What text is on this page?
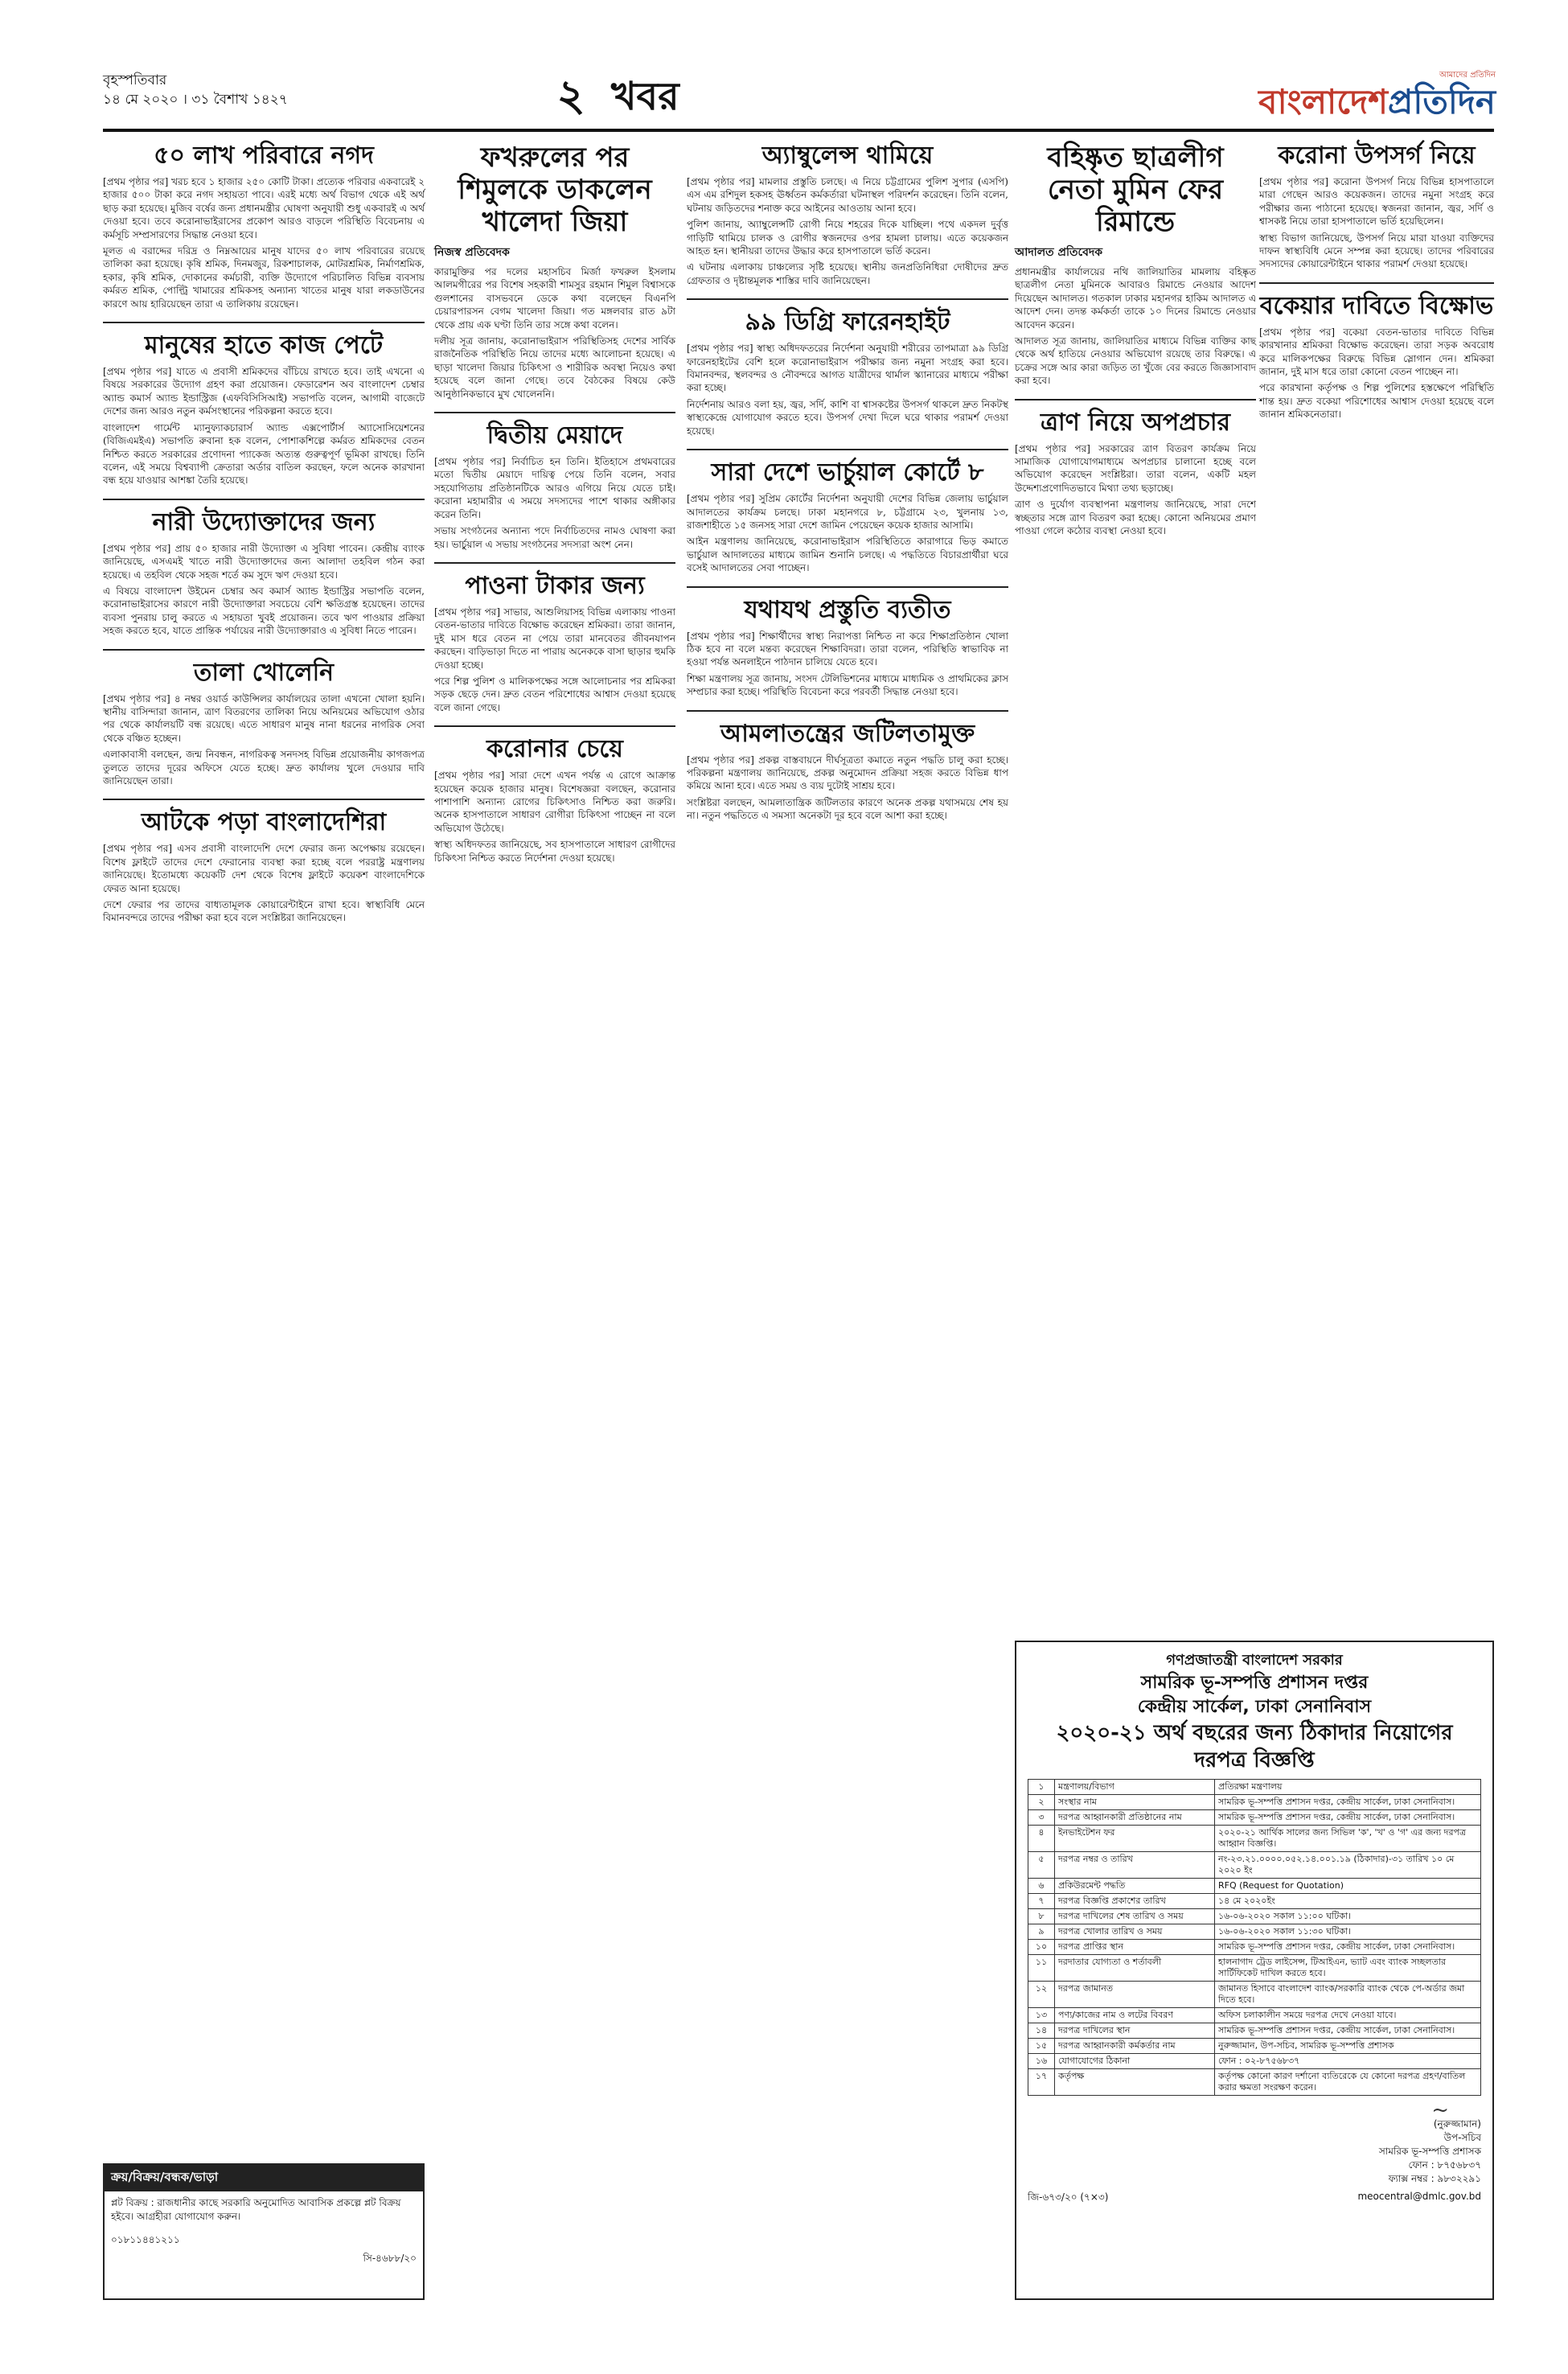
বৃহস্পতিবার
১৪ মে ২০২০ । ৩১ বৈশাখ ১৪২৭	২ খবর	আমাদের প্রতিদিন
বাংলাদেশপ্রতিদিন
৫০ লাখ পরিবারে নগদ

[প্রথম পৃষ্ঠার পর] খরচ হবে ১ হাজার ২৫০ কোটি টাকা। প্রত্যেক পরিবার একবারেই ২ হাজার ৫০০ টাকা করে নগদ সহায়তা পাবে। এরই মধ্যে অর্থ বিভাগ থেকে এই অর্থ ছাড় করা হয়েছে। মুজিব বর্ষের জন্য প্রধানমন্ত্রীর ঘোষণা অনুযায়ী শুধু একবারই এ অর্থ দেওয়া হবে। তবে করোনাভাইরাসের প্রকোপ আরও বাড়লে পরিস্থিতি বিবেচনায় এ কর্মসূচি সম্প্রসারণের সিদ্ধান্ত নেওয়া হবে।

মূলত এ বরাদ্দের দরিদ্র ও নিম্নআয়ের মানুষ যাদের ৫০ লাখ পরিবারের রয়েছে তালিকা করা হয়েছে। কৃষি শ্রমিক, দিনমজুর, রিকশাচালক, মোটরশ্রমিক, নির্মাণশ্রমিক, হকার, কৃষি শ্রমিক, দোকানের কর্মচারী, ব্যক্তি উদ্যোগে পরিচালিত বিভিন্ন ব্যবসায় কর্মরত শ্রমিক, পোল্ট্রি খামারের শ্রমিকসহ অন্যান্য খাতের মানুষ যারা লকডাউনের কারণে আয় হারিয়েছেন তারা এ তালিকায় রয়েছেন।

মানুষের হাতে কাজ পেটে

[প্রথম পৃষ্ঠার পর] যাতে এ প্রবাসী শ্রমিকদের বাঁচিয়ে রাখতে হবে। তাই এখনো এ বিষয়ে সরকারের উদ্যোগ গ্রহণ করা প্রয়োজন। ফেডারেশন অব বাংলাদেশ চেম্বার অ্যান্ড কমার্স অ্যান্ড ইন্ডাস্ট্রিজ (এফবিসিসিআই) সভাপতি বলেন, আগামী বাজেটে দেশের জন্য আরও নতুন কর্মসংস্থানের পরিকল্পনা করতে হবে।

বাংলাদেশ গার্মেন্ট ম্যানুফ্যাকচারার্স অ্যান্ড এক্সপোর্টার্স অ্যাসোসিয়েশনের (বিজিএমইএ) সভাপতি রুবানা হক বলেন, পোশাকশিল্পে কর্মরত শ্রমিকদের বেতন নিশ্চিত করতে সরকারের প্রণোদনা প্যাকেজ অত্যন্ত গুরুত্বপূর্ণ ভূমিকা রাখছে। তিনি বলেন, এই সময়ে বিশ্বব্যাপী ক্রেতারা অর্ডার বাতিল করছেন, ফলে অনেক কারখানা বন্ধ হয়ে যাওয়ার আশঙ্কা তৈরি হয়েছে।

নারী উদ্যোক্তাদের জন্য

[প্রথম পৃষ্ঠার পর] প্রায় ৫০ হাজার নারী উদ্যোক্তা এ সুবিধা পাবেন। কেন্দ্রীয় ব্যাংক জানিয়েছে, এসএমই খাতে নারী উদ্যোক্তাদের জন্য আলাদা তহবিল গঠন করা হয়েছে। এ তহবিল থেকে সহজ শর্তে কম সুদে ঋণ দেওয়া হবে।

এ বিষয়ে বাংলাদেশ উইমেন চেম্বার অব কমার্স অ্যান্ড ইন্ডাস্ট্রির সভাপতি বলেন, করোনাভাইরাসের কারণে নারী উদ্যোক্তারা সবচেয়ে বেশি ক্ষতিগ্রস্ত হয়েছেন। তাদের ব্যবসা পুনরায় চালু করতে এ সহায়তা খুবই প্রয়োজন। তবে ঋণ পাওয়ার প্রক্রিয়া সহজ করতে হবে, যাতে প্রান্তিক পর্যায়ের নারী উদ্যোক্তারাও এ সুবিধা নিতে পারেন।

তালা খোলেনি

[প্রথম পৃষ্ঠার পর] ৪ নম্বর ওয়ার্ড কাউন্সিলর কার্যালয়ের তালা এখনো খোলা হয়নি। স্থানীয় বাসিন্দারা জানান, ত্রাণ বিতরণের তালিকা নিয়ে অনিয়মের অভিযোগ ওঠার পর থেকে কার্যালয়টি বন্ধ রয়েছে। এতে সাধারণ মানুষ নানা ধরনের নাগরিক সেবা থেকে বঞ্চিত হচ্ছেন।

এলাকাবাসী বলছেন, জন্ম নিবন্ধন, নাগরিকত্ব সনদসহ বিভিন্ন প্রয়োজনীয় কাগজপত্র তুলতে তাদের দূরের অফিসে যেতে হচ্ছে। দ্রুত কার্যালয় খুলে দেওয়ার দাবি জানিয়েছেন তারা।

আটকে পড়া বাংলাদেশিরা

[প্রথম পৃষ্ঠার পর] এসব প্রবাসী বাংলাদেশি দেশে ফেরার জন্য অপেক্ষায় রয়েছেন। বিশেষ ফ্লাইটে তাদের দেশে ফেরানোর ব্যবস্থা করা হচ্ছে বলে পররাষ্ট্র মন্ত্রণালয় জানিয়েছে। ইতোমধ্যে কয়েকটি দেশ থেকে বিশেষ ফ্লাইটে কয়েকশ বাংলাদেশিকে ফেরত আনা হয়েছে।

দেশে ফেরার পর তাদের বাধ্যতামূলক কোয়ারেন্টাইনে রাখা হবে। স্বাস্থ্যবিধি মেনে বিমানবন্দরে তাদের পরীক্ষা করা হবে বলে সংশ্লিষ্টরা জানিয়েছেন।

ক্রয়/বিক্রয়/বন্ধক/ভাড়া
প্লট বিক্রয় : রাজধানীর কাছে সরকারি অনুমোদিত আবাসিক প্রকল্পে প্লট বিক্রয় হইবে। আগ্রহীরা যোগাযোগ করুন।
০১৮১১৪৪১২১১
সি-৪৬৮৮/২০
ফখরুলের পর শিমুলকে ডাকলেন খালেদা জিয়া
নিজস্ব প্রতিবেদক

কারামুক্তির পর দলের মহাসচিব মির্জা ফখরুল ইসলাম আলমগীরের পর বিশেষ সহকারী শামসুর রহমান শিমুল বিশ্বাসকে গুলশানের বাসভবনে ডেকে কথা বলেছেন বিএনপি চেয়ারপারসন বেগম খালেদা জিয়া। গত মঙ্গলবার রাত ৯টা থেকে প্রায় এক ঘণ্টা তিনি তার সঙ্গে কথা বলেন।

দলীয় সূত্র জানায়, করোনাভাইরাস পরিস্থিতিসহ দেশের সার্বিক রাজনৈতিক পরিস্থিতি নিয়ে তাদের মধ্যে আলোচনা হয়েছে। এ ছাড়া খালেদা জিয়ার চিকিৎসা ও শারীরিক অবস্থা নিয়েও কথা হয়েছে বলে জানা গেছে। তবে বৈঠকের বিষয়ে কেউ আনুষ্ঠানিকভাবে মুখ খোলেননি।

দ্বিতীয় মেয়াদে

[প্রথম পৃষ্ঠার পর] নির্বাচিত হন তিনি। ইতিহাসে প্রথমবারের মতো দ্বিতীয় মেয়াদে দায়িত্ব পেয়ে তিনি বলেন, সবার সহযোগিতায় প্রতিষ্ঠানটিকে আরও এগিয়ে নিয়ে যেতে চাই। করোনা মহামারীর এ সময়ে সদস্যদের পাশে থাকার অঙ্গীকার করেন তিনি।

সভায় সংগঠনের অন্যান্য পদে নির্বাচিতদের নামও ঘোষণা করা হয়। ভার্চুয়াল এ সভায় সংগঠনের সদস্যরা অংশ নেন।

পাওনা টাকার জন্য

[প্রথম পৃষ্ঠার পর] সাভার, আশুলিয়াসহ বিভিন্ন এলাকায় পাওনা বেতন-ভাতার দাবিতে বিক্ষোভ করেছেন শ্রমিকরা। তারা জানান, দুই মাস ধরে বেতন না পেয়ে তারা মানবেতর জীবনযাপন করছেন। বাড়িভাড়া দিতে না পারায় অনেককে বাসা ছাড়ার হুমকি দেওয়া হচ্ছে।

পরে শিল্প পুলিশ ও মালিকপক্ষের সঙ্গে আলোচনার পর শ্রমিকরা সড়ক ছেড়ে দেন। দ্রুত বেতন পরিশোধের আশ্বাস দেওয়া হয়েছে বলে জানা গেছে।

করোনার চেয়ে

[প্রথম পৃষ্ঠার পর] সারা দেশে এখন পর্যন্ত এ রোগে আক্রান্ত হয়েছেন কয়েক হাজার মানুষ। বিশেষজ্ঞরা বলছেন, করোনার পাশাপাশি অন্যান্য রোগের চিকিৎসাও নিশ্চিত করা জরুরি। অনেক হাসপাতালে সাধারণ রোগীরা চিকিৎসা পাচ্ছেন না বলে অভিযোগ উঠেছে।

স্বাস্থ্য অধিদফতর জানিয়েছে, সব হাসপাতালে সাধারণ রোগীদের চিকিৎসা নিশ্চিত করতে নির্দেশনা দেওয়া হয়েছে।

অ্যাম্বুলেন্স থামিয়ে

[প্রথম পৃষ্ঠার পর] মামলার প্রস্তুতি চলছে। এ নিয়ে চট্টগ্রামের পুলিশ সুপার (এসপি) এস এম রশিদুল হকসহ ঊর্ধ্বতন কর্মকর্তারা ঘটনাস্থল পরিদর্শন করেছেন। তিনি বলেন, ঘটনায় জড়িতদের শনাক্ত করে আইনের আওতায় আনা হবে।

পুলিশ জানায়, অ্যাম্বুলেন্সটি রোগী নিয়ে শহরের দিকে যাচ্ছিল। পথে একদল দুর্বৃত্ত গাড়িটি থামিয়ে চালক ও রোগীর স্বজনদের ওপর হামলা চালায়। এতে কয়েকজন আহত হন। স্থানীয়রা তাদের উদ্ধার করে হাসপাতালে ভর্তি করেন।

এ ঘটনায় এলাকায় চাঞ্চল্যের সৃষ্টি হয়েছে। স্থানীয় জনপ্রতিনিধিরা দোষীদের দ্রুত গ্রেফতার ও দৃষ্টান্তমূলক শাস্তির দাবি জানিয়েছেন।

৯৯ ডিগ্রি ফারেনহাইট

[প্রথম পৃষ্ঠার পর] স্বাস্থ্য অধিদফতরের নির্দেশনা অনুযায়ী শরীরের তাপমাত্রা ৯৯ ডিগ্রি ফারেনহাইটের বেশি হলে করোনাভাইরাস পরীক্ষার জন্য নমুনা সংগ্রহ করা হবে। বিমানবন্দর, স্থলবন্দর ও নৌবন্দরে আগত যাত্রীদের থার্মাল স্ক্যানারের মাধ্যমে পরীক্ষা করা হচ্ছে।

নির্দেশনায় আরও বলা হয়, জ্বর, সর্দি, কাশি বা শ্বাসকষ্টের উপসর্গ থাকলে দ্রুত নিকটস্থ স্বাস্থ্যকেন্দ্রে যোগাযোগ করতে হবে। উপসর্গ দেখা দিলে ঘরে থাকার পরামর্শ দেওয়া হয়েছে।

সারা দেশে ভার্চুয়াল কোর্টে ৮

[প্রথম পৃষ্ঠার পর] সুপ্রিম কোর্টের নির্দেশনা অনুযায়ী দেশের বিভিন্ন জেলায় ভার্চুয়াল আদালতের কার্যক্রম চলছে। ঢাকা মহানগরে ৮, চট্টগ্রামে ২৩, খুলনায় ১৩, রাজশাহীতে ১৫ জনসহ সারা দেশে জামিন পেয়েছেন কয়েক হাজার আসামি।

আইন মন্ত্রণালয় জানিয়েছে, করোনাভাইরাস পরিস্থিতিতে কারাগারে ভিড় কমাতে ভার্চুয়াল আদালতের মাধ্যমে জামিন শুনানি চলছে। এ পদ্ধতিতে বিচারপ্রার্থীরা ঘরে বসেই আদালতের সেবা পাচ্ছেন।

যথাযথ প্রস্তুতি ব্যতীত

[প্রথম পৃষ্ঠার পর] শিক্ষার্থীদের স্বাস্থ্য নিরাপত্তা নিশ্চিত না করে শিক্ষাপ্রতিষ্ঠান খোলা ঠিক হবে না বলে মন্তব্য করেছেন শিক্ষাবিদরা। তারা বলেন, পরিস্থিতি স্বাভাবিক না হওয়া পর্যন্ত অনলাইনে পাঠদান চালিয়ে যেতে হবে।

শিক্ষা মন্ত্রণালয় সূত্র জানায়, সংসদ টেলিভিশনের মাধ্যমে মাধ্যমিক ও প্রাথমিকের ক্লাস সম্প্রচার করা হচ্ছে। পরিস্থিতি বিবেচনা করে পরবর্তী সিদ্ধান্ত নেওয়া হবে।

আমলাতন্ত্রের জটিলতামুক্ত

[প্রথম পৃষ্ঠার পর] প্রকল্প বাস্তবায়নে দীর্ঘসূত্রতা কমাতে নতুন পদ্ধতি চালু করা হচ্ছে। পরিকল্পনা মন্ত্রণালয় জানিয়েছে, প্রকল্প অনুমোদন প্রক্রিয়া সহজ করতে বিভিন্ন ধাপ কমিয়ে আনা হবে। এতে সময় ও ব্যয় দুটোই সাশ্রয় হবে।

সংশ্লিষ্টরা বলছেন, আমলাতান্ত্রিক জটিলতার কারণে অনেক প্রকল্প যথাসময়ে শেষ হয় না। নতুন পদ্ধতিতে এ সমস্যা অনেকটা দূর হবে বলে আশা করা হচ্ছে।

বহিষ্কৃত ছাত্রলীগ নেতা মুমিন ফের রিমান্ডে
আদালত প্রতিবেদক

প্রধানমন্ত্রীর কার্যালয়ের নথি জালিয়াতির মামলায় বহিষ্কৃত ছাত্রলীগ নেতা মুমিনকে আবারও রিমান্ডে নেওয়ার আদেশ দিয়েছেন আদালত। গতকাল ঢাকার মহানগর হাকিম আদালত এ আদেশ দেন। তদন্ত কর্মকর্তা তাকে ১০ দিনের রিমান্ডে নেওয়ার আবেদন করেন।

আদালত সূত্র জানায়, জালিয়াতির মাধ্যমে বিভিন্ন ব্যক্তির কাছ থেকে অর্থ হাতিয়ে নেওয়ার অভিযোগ রয়েছে তার বিরুদ্ধে। এ চক্রের সঙ্গে আর কারা জড়িত তা খুঁজে বের করতে জিজ্ঞাসাবাদ করা হবে।

ত্রাণ নিয়ে অপপ্রচার

[প্রথম পৃষ্ঠার পর] সরকারের ত্রাণ বিতরণ কার্যক্রম নিয়ে সামাজিক যোগাযোগমাধ্যমে অপপ্রচার চালানো হচ্ছে বলে অভিযোগ করেছেন সংশ্লিষ্টরা। তারা বলেন, একটি মহল উদ্দেশ্যপ্রণোদিতভাবে মিথ্যা তথ্য ছড়াচ্ছে।

ত্রাণ ও দুর্যোগ ব্যবস্থাপনা মন্ত্রণালয় জানিয়েছে, সারা দেশে স্বচ্ছতার সঙ্গে ত্রাণ বিতরণ করা হচ্ছে। কোনো অনিয়মের প্রমাণ পাওয়া গেলে কঠোর ব্যবস্থা নেওয়া হবে।

করোনা উপসর্গ নিয়ে

[প্রথম পৃষ্ঠার পর] করোনা উপসর্গ নিয়ে বিভিন্ন হাসপাতালে মারা গেছেন আরও কয়েকজন। তাদের নমুনা সংগ্রহ করে পরীক্ষার জন্য পাঠানো হয়েছে। স্বজনরা জানান, জ্বর, সর্দি ও শ্বাসকষ্ট নিয়ে তারা হাসপাতালে ভর্তি হয়েছিলেন।

স্বাস্থ্য বিভাগ জানিয়েছে, উপসর্গ নিয়ে মারা যাওয়া ব্যক্তিদের দাফন স্বাস্থ্যবিধি মেনে সম্পন্ন করা হয়েছে। তাদের পরিবারের সদস্যদের কোয়ারেন্টাইনে থাকার পরামর্শ দেওয়া হয়েছে।

বকেয়ার দাবিতে বিক্ষোভ

[প্রথম পৃষ্ঠার পর] বকেয়া বেতন-ভাতার দাবিতে বিভিন্ন কারখানার শ্রমিকরা বিক্ষোভ করেছেন। তারা সড়ক অবরোধ করে মালিকপক্ষের বিরুদ্ধে বিভিন্ন স্লোগান দেন। শ্রমিকরা জানান, দুই মাস ধরে তারা কোনো বেতন পাচ্ছেন না।

পরে কারখানা কর্তৃপক্ষ ও শিল্প পুলিশের হস্তক্ষেপে পরিস্থিতি শান্ত হয়। দ্রুত বকেয়া পরিশোধের আশ্বাস দেওয়া হয়েছে বলে জানান শ্রমিকনেতারা।

গণপ্রজাতন্ত্রী বাংলাদেশ সরকার
সামরিক ভূ-সম্পত্তি প্রশাসন দপ্তর
কেন্দ্রীয় সার্কেল, ঢাকা সেনানিবাস
২০২০-২১ অর্থ বছরের জন্য ঠিকাদার নিয়োগের দরপত্র বিজ্ঞপ্তি
১	মন্ত্রণালয়/বিভাগ	প্রতিরক্ষা মন্ত্রণালয়
২	সংস্থার নাম	সামরিক ভূ-সম্পত্তি প্রশাসন দপ্তর, কেন্দ্রীয় সার্কেল, ঢাকা সেনানিবাস।
৩	দরপত্র আহ্বানকারী প্রতিষ্ঠানের নাম	সামরিক ভূ-সম্পত্তি প্রশাসন দপ্তর, কেন্দ্রীয় সার্কেল, ঢাকা সেনানিবাস।
৪	ইনভাইটেশন ফর	২০২০-২১ আর্থিক সালের জন্য সিভিল 'ক', 'খ' ও 'গ' এর জন্য দরপত্র আহ্বান বিজ্ঞপ্তি।
৫	দরপত্র নম্বর ও তারিখ	নং-২৩.২১.০০০০.০৫২.১৪.০০১.১৯ (ঠিকাদার)-৩১ তারিখ ১০ মে ২০২০ ইং
৬	প্রকিউরমেন্ট পদ্ধতি	RFQ (Request for Quotation)
৭	দরপত্র বিজ্ঞপ্তি প্রকাশের তারিখ	১৪ মে ২০২০ইং
৮	দরপত্র দাখিলের শেষ তারিখ ও সময়	১৬-০৬-২০২০ সকাল ১১:০০ ঘটিকা।
৯	দরপত্র খোলার তারিখ ও সময়	১৬-০৬-২০২০ সকাল ১১:৩০ ঘটিকা।
১০	দরপত্র প্রাপ্তির স্থান	সামরিক ভূ-সম্পত্তি প্রশাসন দপ্তর, কেন্দ্রীয় সার্কেল, ঢাকা সেনানিবাস।
১১	দরদাতার যোগ্যতা ও শর্তাবলী	হালনাগাদ ট্রেড লাইসেন্স, টিআইএন, ভ্যাট এবং ব্যাংক সচ্ছলতার সার্টিফিকেট দাখিল করতে হবে।
১২	দরপত্র জামানত	জামানত হিসাবে বাংলাদেশ ব্যাংক/সরকারি ব্যাংক থেকে পে-অর্ডার জমা দিতে হবে।
১৩	পণ্য/কাজের নাম ও লটের বিবরণ	অফিস চলাকালীন সময়ে দরপত্র দেখে নেওয়া যাবে।
১৪	দরপত্র দাখিলের স্থান	সামরিক ভূ-সম্পত্তি প্রশাসন দপ্তর, কেন্দ্রীয় সার্কেল, ঢাকা সেনানিবাস।
১৫	দরপত্র আহ্বানকারী কর্মকর্তার নাম	নুরুজ্জামান, উপ-সচিব, সামরিক ভূ-সম্পত্তি প্রশাসক
১৬	যোগাযোগের ঠিকানা	ফোন : ০২-৮৭৫৬৮৩৭
১৭	কর্তৃপক্ষ	কর্তৃপক্ষ কোনো কারণ দর্শানো ব্যতিরেকে যে কোনো দরপত্র গ্রহণ/বাতিল করার ক্ষমতা সংরক্ষণ করেন।
~
(নুরুজ্জামান)
উপ-সচিব
সামরিক ভূ-সম্পত্তি প্রশাসক
ফোন : ৮৭৫৬৮৩৭
ফ্যাক্স নম্বর : ৯৮৩২২৯১
জি-৬৭৩/২০ (৭×৩)	meocentral@dmlc.gov.bd
